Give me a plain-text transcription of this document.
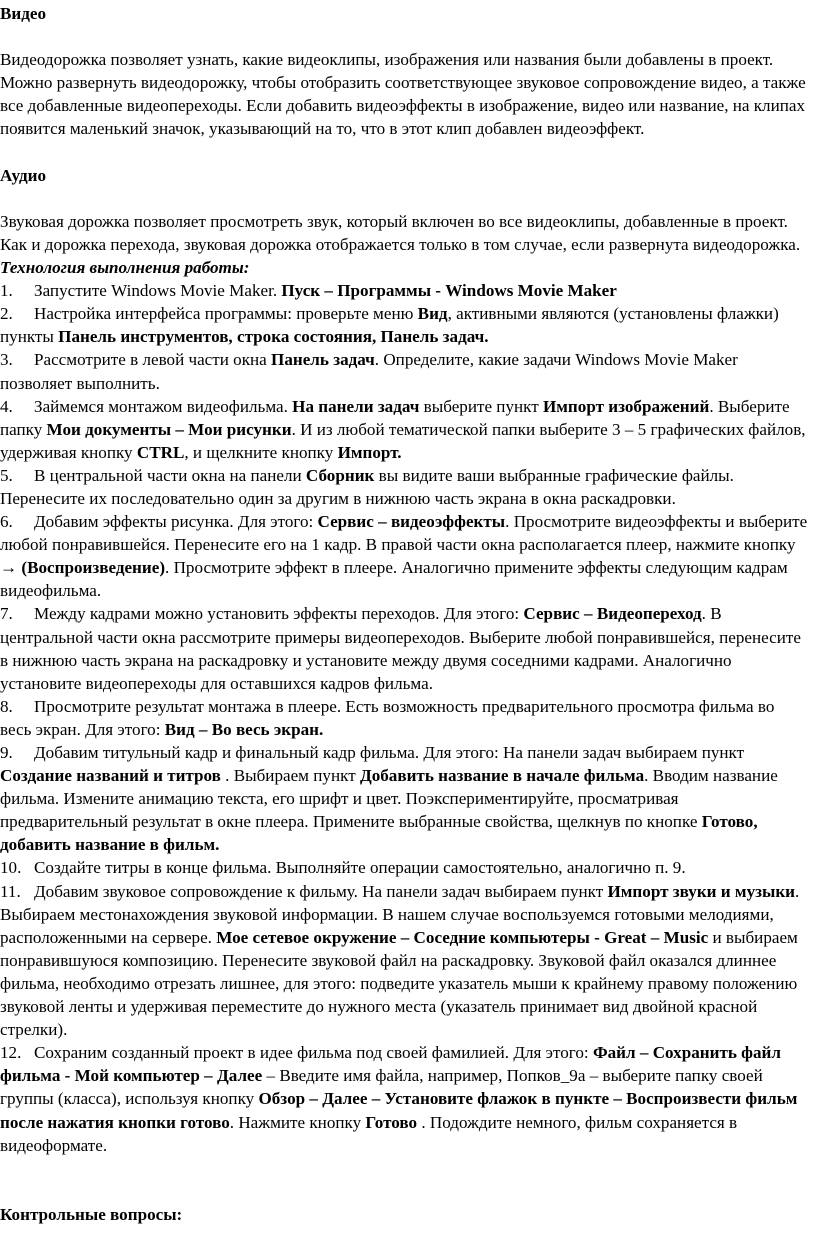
Видео

Видеодорожка позволяет узнать, какие видеоклипы, изображения или названия были добавлены в проект. Можно развернуть видеодорожку, чтобы отобразить соответствующее звуковое сопровождение видео, а также все добавленные видеопереходы. Если добавить видеоэффекты в изображение, видео или название, на клипах появится маленький значок, указывающий на то, что в этот клип добавлен видеоэффект.

Аудио

Звуковая дорожка позволяет просмотреть звук, который включен во все видеоклипы, добавленные в проект. Как и дорожка перехода, звуковая дорожка отображается только в том случае, если развернута видеодорожка.

Технология выполнения работы:

1. Запустите Windows Movie Maker. Пуск – Программы - Windows Movie Maker

2. Настройка интерфейса программы: проверьте меню Вид, активными являются (установлены флажки) пункты Панель инструментов, строка состояния, Панель задач.

3. Рассмотрите в левой части окна Панель задач. Определите, какие задачи Windows Movie Maker позволяет выполнить.

4. Займемся монтажом видеофильма. На панели задач выберите пункт Импорт изображений. Выберите папку Мои документы – Мои рисунки. И из любой тематической папки выберите 3 – 5 графических файлов, удерживая кнопку CTRL, и щелкните кнопку Импорт.

5. В центральной части окна на панели Сборник вы видите ваши выбранные графические файлы. Перенесите их последовательно один за другим в нижнюю часть экрана в окна раскадровки.

6. Добавим эффекты рисунка. Для этого: Сервис – видеоэффекты. Просмотрите видеоэффекты и выберите любой понравившейся. Перенесите его на 1 кадр. В правой части окна располагается плеер, нажмите кнопку → (Воспроизведение). Просмотрите эффект в плеере. Аналогично примените эффекты следующим кадрам видеофильма.

7. Между кадрами можно установить эффекты переходов. Для этого: Сервис – Видеопереход. В центральной части окна рассмотрите примеры видеопереходов. Выберите любой понравившейся, перенесите в нижнюю часть экрана на раскадровку и установите между двумя соседними кадрами. Аналогично установите видеопереходы для оставшихся кадров фильма.

8. Просмотрите результат монтажа в плеере. Есть возможность предварительного просмотра фильма во весь экран. Для этого: Вид – Во весь экран.

9. Добавим титульный кадр и финальный кадр фильма. Для этого: На панели задач выбираем пункт Создание названий и титров . Выбираем пункт Добавить название в начале фильма. Вводим название фильма. Измените анимацию текста, его шрифт и цвет. Поэкспериментируйте, просматривая предварительный результат в окне плеера. Примените выбранные свойства, щелкнув по кнопке Готово, добавить название в фильм.

10. Создайте титры в конце фильма. Выполняйте операции самостоятельно, аналогично п. 9.

11. Добавим звуковое сопровождение к фильму. На панели задач выбираем пункт Импорт звуки и музыки. Выбираем местонахождения звуковой информации. В нашем случае воспользуемся готовыми мелодиями, расположенными на сервере. Мое сетевое окружение – Соседние компьютеры - Great – Music и выбираем понравившуюся композицию. Перенесите звуковой файл на раскадровку. Звуковой файл оказался длиннее фильма, необходимо отрезать лишнее, для этого: подведите указатель мыши к крайнему правому положению звуковой ленты и удерживая переместите до нужного места (указатель принимает вид двойной красной стрелки).

12. Сохраним созданный проект в идее фильма под своей фамилией. Для этого: Файл – Сохранить файл фильма - Мой компьютер – Далее – Введите имя файла, например, Попков_9а – выберите папку своей группы (класса), используя кнопку Обзор – Далее – Установите флажок в пункте – Воспроизвести фильм после нажатия кнопки готово. Нажмите кнопку Готово . Подождите немного, фильм сохраняется в видеоформате.

Контрольные вопросы:
